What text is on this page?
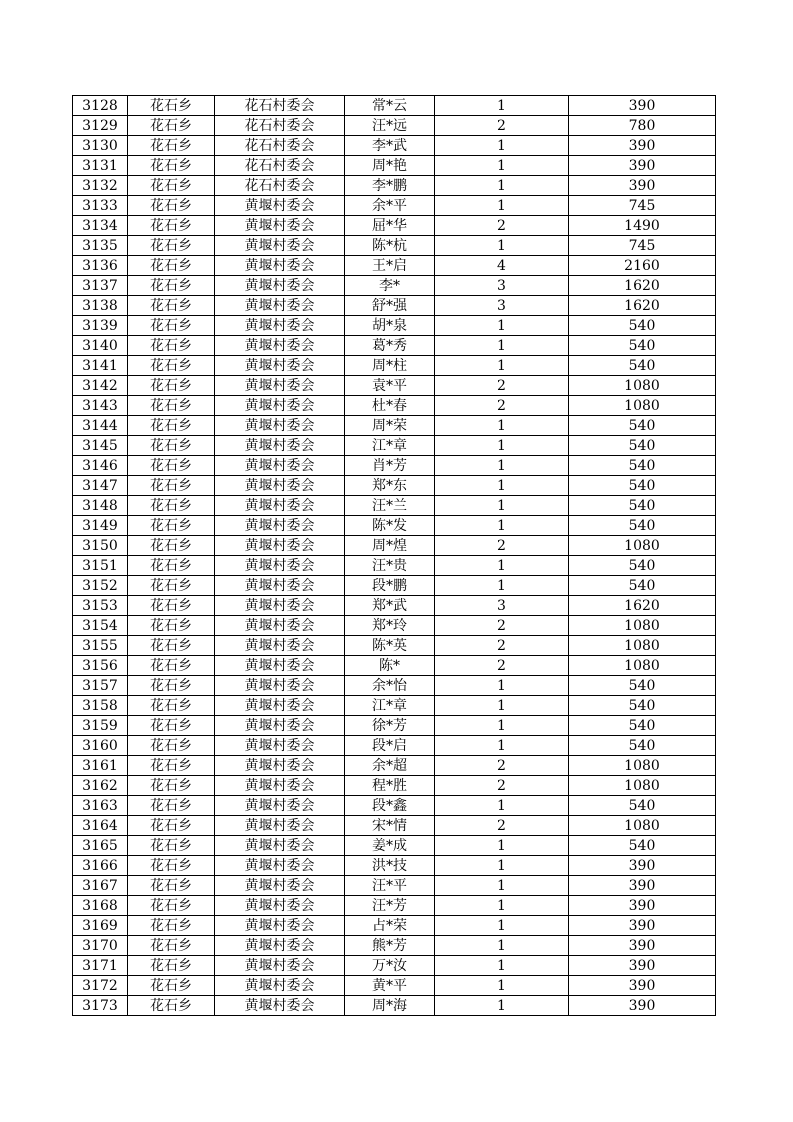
3128	花石乡	花石村委会	常*云	1	390
3129	花石乡	花石村委会	汪*远	2	780
3130	花石乡	花石村委会	李*武	1	390
3131	花石乡	花石村委会	周*艳	1	390
3132	花石乡	花石村委会	李*鹏	1	390
3133	花石乡	黄堰村委会	余*平	1	745
3134	花石乡	黄堰村委会	屈*华	2	1490
3135	花石乡	黄堰村委会	陈*杭	1	745
3136	花石乡	黄堰村委会	王*启	4	2160
3137	花石乡	黄堰村委会	李*	3	1620
3138	花石乡	黄堰村委会	舒*强	3	1620
3139	花石乡	黄堰村委会	胡*泉	1	540
3140	花石乡	黄堰村委会	葛*秀	1	540
3141	花石乡	黄堰村委会	周*柱	1	540
3142	花石乡	黄堰村委会	袁*平	2	1080
3143	花石乡	黄堰村委会	杜*春	2	1080
3144	花石乡	黄堰村委会	周*荣	1	540
3145	花石乡	黄堰村委会	江*章	1	540
3146	花石乡	黄堰村委会	肖*芳	1	540
3147	花石乡	黄堰村委会	郑*东	1	540
3148	花石乡	黄堰村委会	汪*兰	1	540
3149	花石乡	黄堰村委会	陈*发	1	540
3150	花石乡	黄堰村委会	周*煌	2	1080
3151	花石乡	黄堰村委会	汪*贵	1	540
3152	花石乡	黄堰村委会	段*鹏	1	540
3153	花石乡	黄堰村委会	郑*武	3	1620
3154	花石乡	黄堰村委会	郑*玲	2	1080
3155	花石乡	黄堰村委会	陈*英	2	1080
3156	花石乡	黄堰村委会	陈*	2	1080
3157	花石乡	黄堰村委会	余*怡	1	540
3158	花石乡	黄堰村委会	江*章	1	540
3159	花石乡	黄堰村委会	徐*芳	1	540
3160	花石乡	黄堰村委会	段*启	1	540
3161	花石乡	黄堰村委会	余*超	2	1080
3162	花石乡	黄堰村委会	程*胜	2	1080
3163	花石乡	黄堰村委会	段*鑫	1	540
3164	花石乡	黄堰村委会	宋*情	2	1080
3165	花石乡	黄堰村委会	姜*成	1	540
3166	花石乡	黄堰村委会	洪*技	1	390
3167	花石乡	黄堰村委会	汪*平	1	390
3168	花石乡	黄堰村委会	汪*芳	1	390
3169	花石乡	黄堰村委会	占*荣	1	390
3170	花石乡	黄堰村委会	熊*芳	1	390
3171	花石乡	黄堰村委会	万*汝	1	390
3172	花石乡	黄堰村委会	黄*平	1	390
3173	花石乡	黄堰村委会	周*海	1	390
